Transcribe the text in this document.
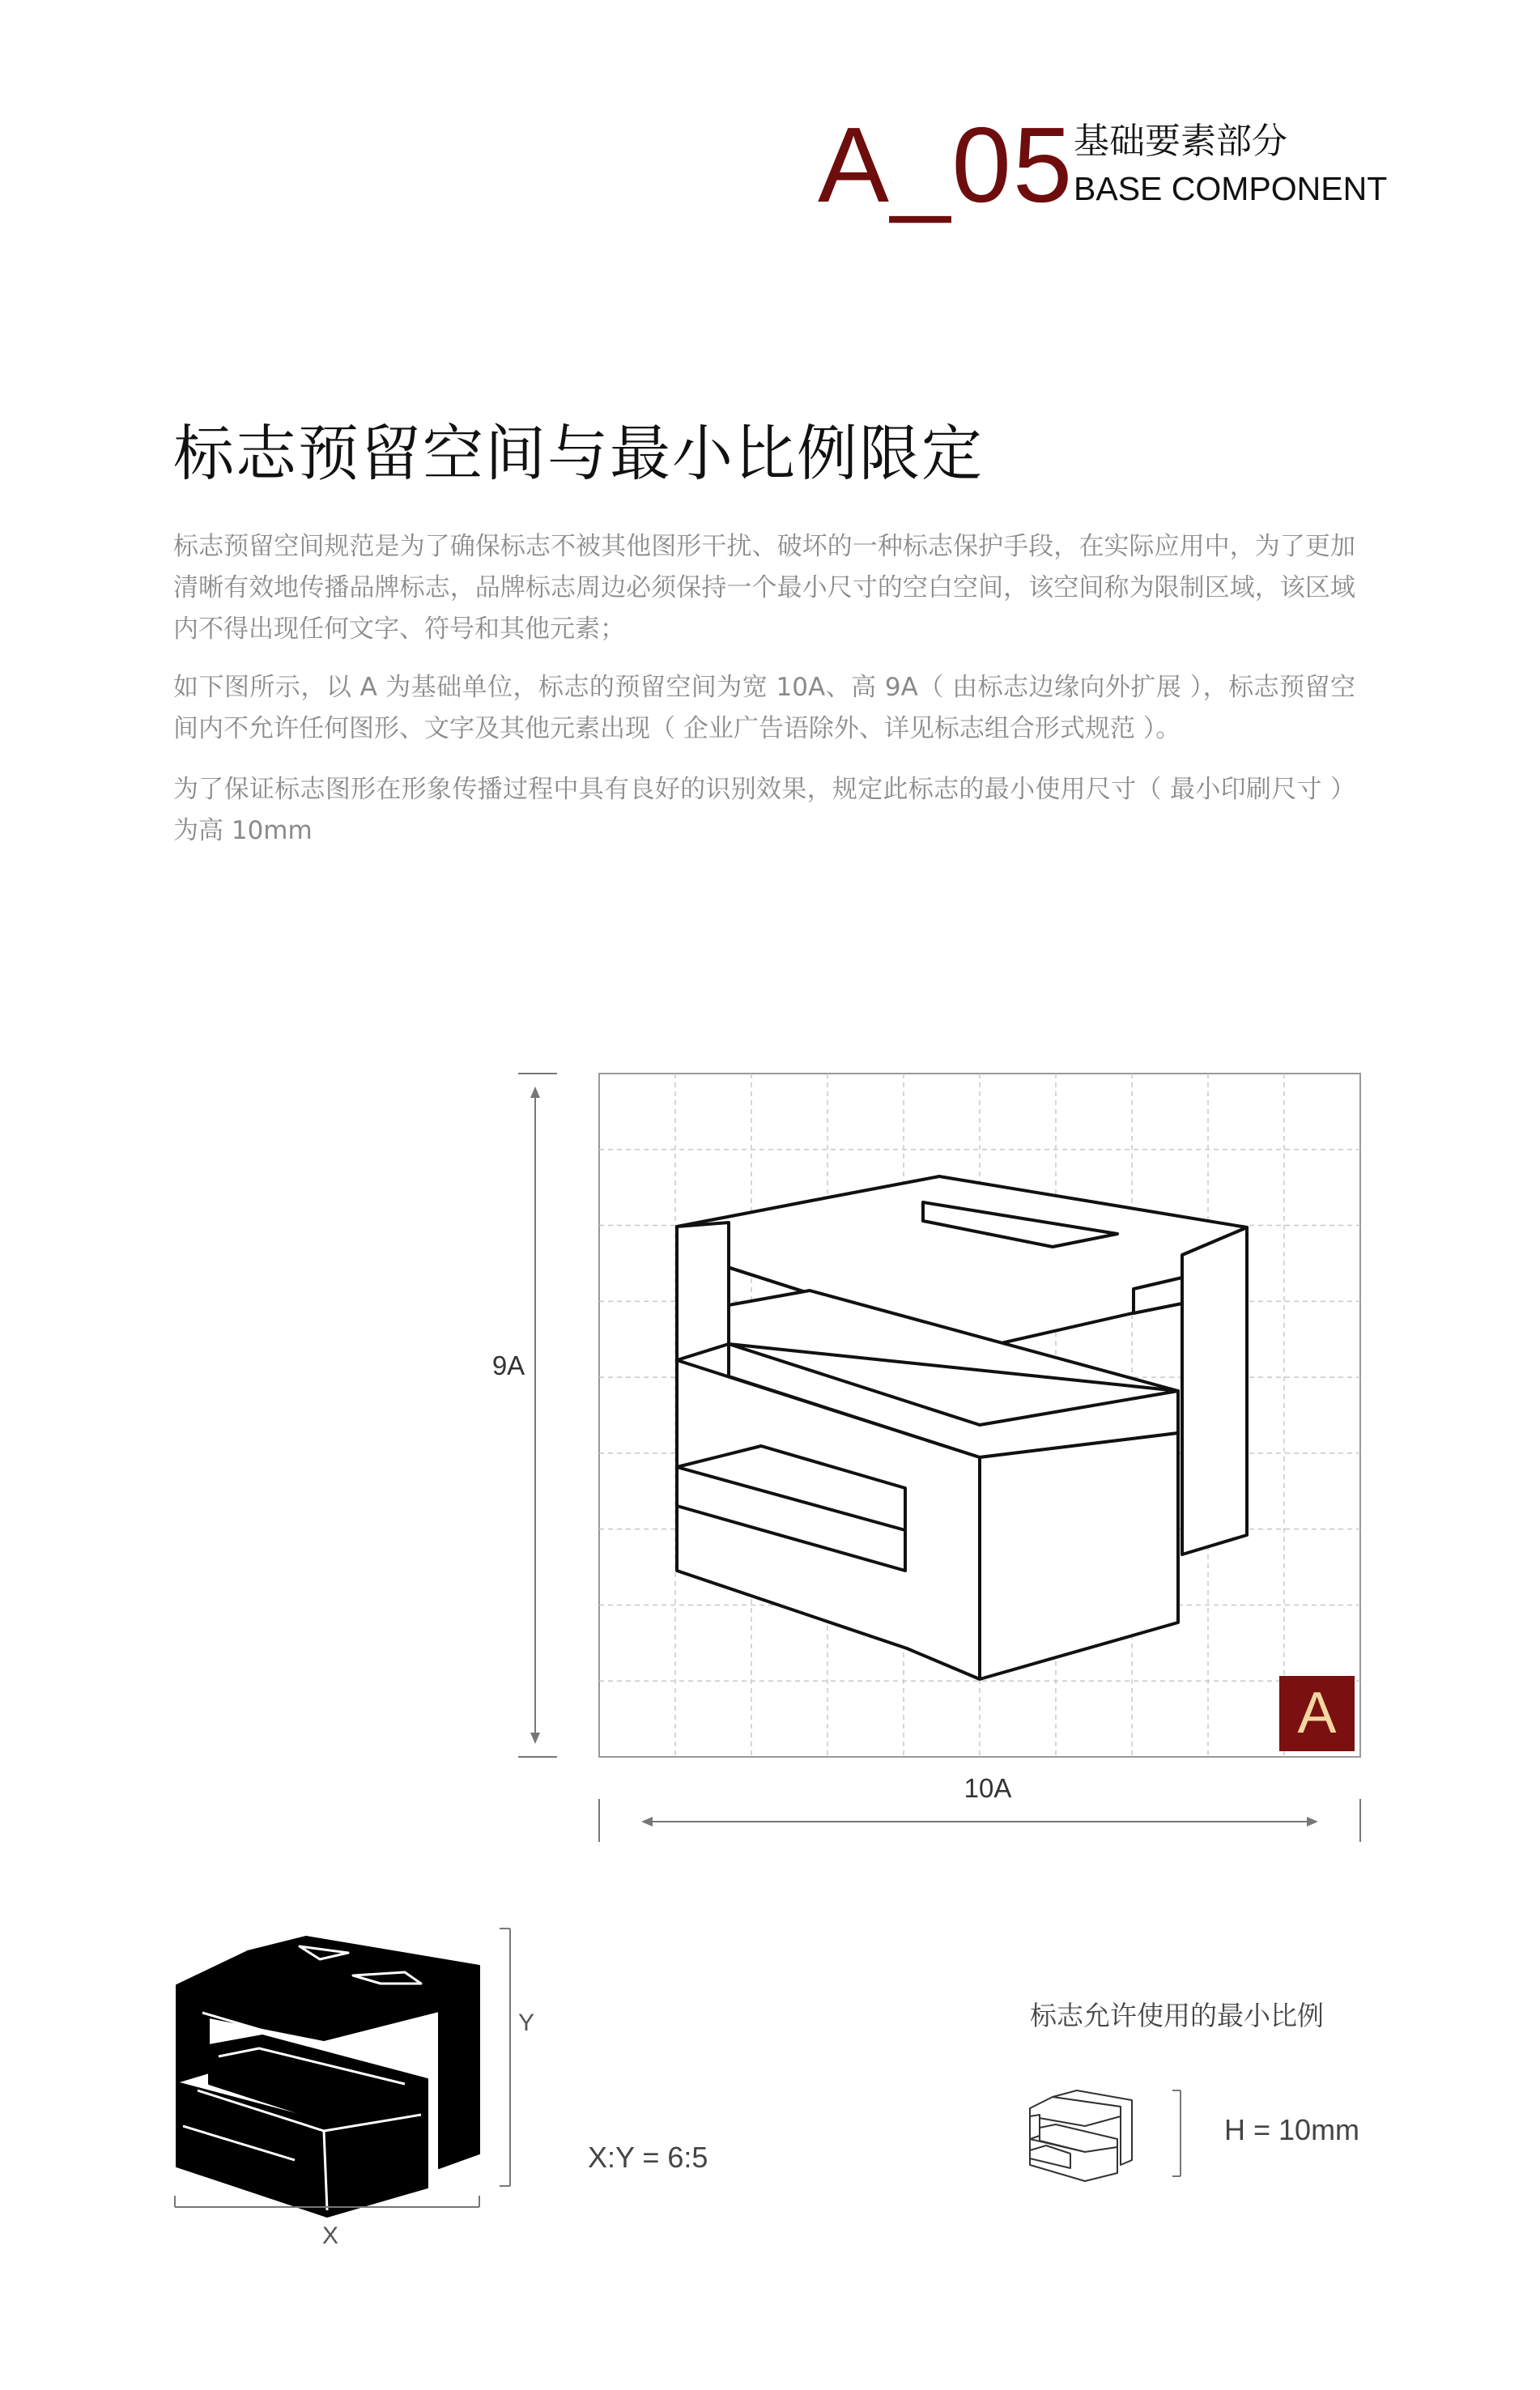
A_05 基础要素部分
BASE COMPONENT
标志预留空间与最小比例限定
标志预留空间规范是为了确保标志不被其他图形干扰、破坏的一种标志保护手段，在实际应用中，为了更加清晰有效地传播品牌标志，品牌标志周边必须保持一个最小尺寸的空白空间，该空间称为限制区域，该区域内不得出现任何文字、符号和其他元素；
如下图所示，以 A 为基础单位，标志的预留空间为宽 10A、高 9A（ 由标志边缘向外扩展 ），标志预留空间内不允许任何图形、文字及其他元素出现（ 企业广告语除外、详见标志组合形式规范 ）。
为了保证标志图形在形象传播过程中具有良好的识别效果，规定此标志的最小使用尺寸（ 最小印刷尺寸 ）为高 10mm
9A
10A
A
Y
X
X:Y = 6:5
标志允许使用的最小比例
H = 10mm
